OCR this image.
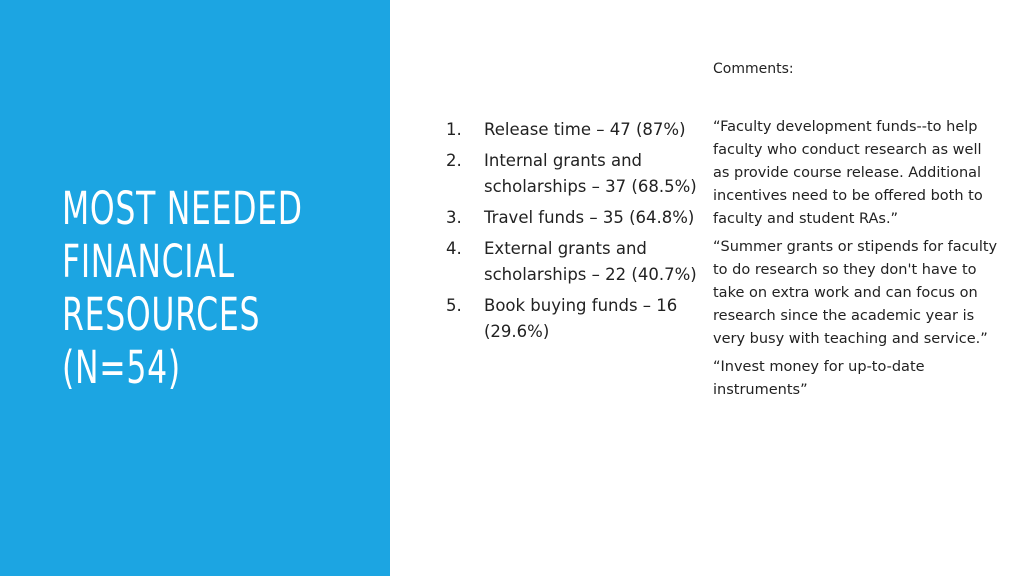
MOST NEEDED
FINANCIAL
RESOURCES
(N=54)
1. Release time – 47 (87%)
2. Internal grants and scholarships – 37 (68.5%)
3. Travel funds – 35 (64.8%)
4. External grants and scholarships – 22 (40.7%)
5. Book buying funds – 16 (29.6%)
Comments:

“Faculty development funds--to help faculty who conduct research as well as provide course release. Additional incentives need to be offered both to faculty and student RAs.”

“Summer grants or stipends for faculty to do research so they don't have to take on extra work and can focus on research since the academic year is very busy with teaching and service.”

“Invest money for up-to-date instruments”
